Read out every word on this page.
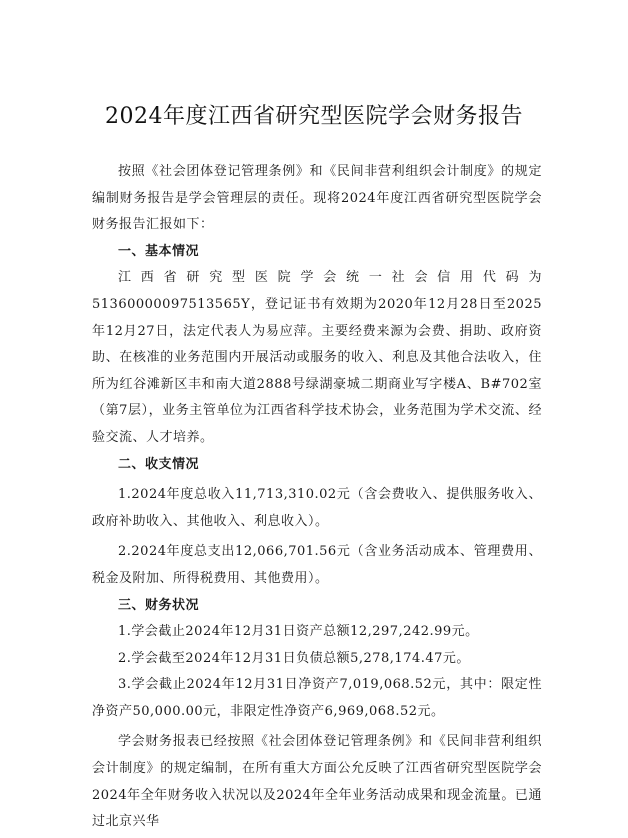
2024年度江西省研究型医院学会财务报告

按照《社会团体登记管理条例》和《民间非营利组织会计制度》的规定编制财务报告是学会管理层的责任。现将2024年度江西省研究型医院学会财务报告汇报如下：

一、基本情况

江西省研究型医院学会统一社会信用代码为51360000097513565Y，登记证书有效期为2020年12月28日至2025年12月27日，法定代表人为易应萍。主要经费来源为会费、捐助、政府资助、在核准的业务范围内开展活动或服务的收入、利息及其他合法收入，住所为红谷滩新区丰和南大道2888号绿湖豪城二期商业写字楼A、B#702室（第7层），业务主管单位为江西省科学技术协会，业务范围为学术交流、经验交流、人才培养。

二、收支情况

1.2024年度总收入11,713,310.02元（含会费收入、提供服务收入、政府补助收入、其他收入、利息收入）。

2.2024年度总支出12,066,701.56元（含业务活动成本、管理费用、税金及附加、所得税费用、其他费用）。

三、财务状况

1.学会截止2024年12月31日资产总额12,297,242.99元。

2.学会截至2024年12月31日负债总额5,278,174.47元。

3.学会截止2024年12月31日净资产7,019,068.52元，其中：限定性净资产50,000.00元，非限定性净资产6,969,068.52元。

学会财务报表已经按照《社会团体登记管理条例》和《民间非营利组织会计制度》的规定编制，在所有重大方面公允反映了江西省研究型医院学会2024年全年财务收入状况以及2024年全年业务活动成果和现金流量。已通过北京兴华
